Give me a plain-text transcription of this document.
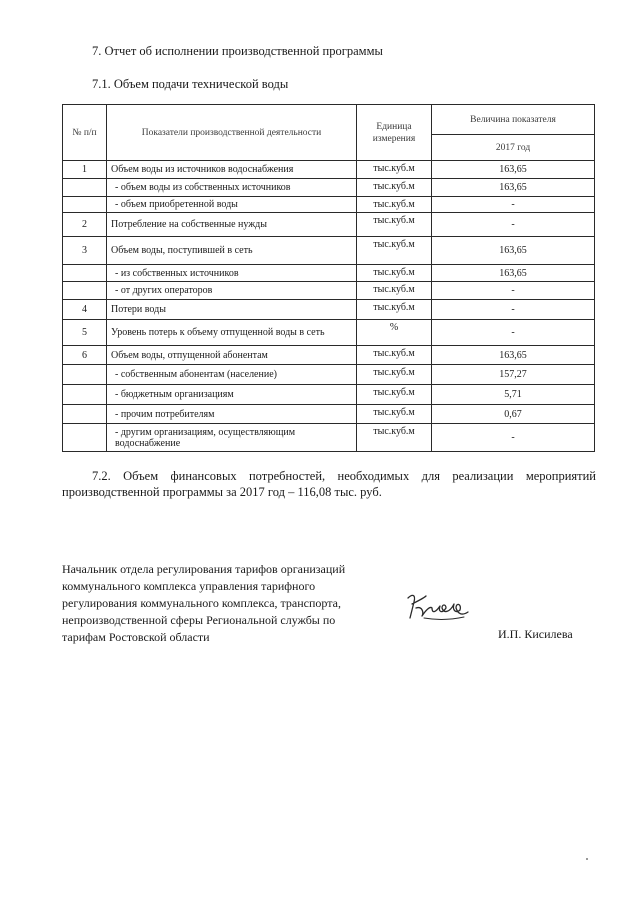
7. Отчет об исполнении производственной программы
7.1. Объем подачи технической воды
№ п/п	Показатели производственной деятельности	Единица измерения	Величина показателя
			2017 год
1	Объем воды из источников водоснабжения	тыс.куб.м	163,65
	- объем воды из собственных источников	тыс.куб.м	163,65
	- объем приобретенной воды	тыс.куб.м	-
2	Потребление на собственные нужды	тыс.куб.м	-
3	Объем воды, поступившей в сеть	тыс.куб.м	163,65
	- из собственных источников	тыс.куб.м	163,65
	- от других операторов	тыс.куб.м	-
4	Потери воды	тыс.куб.м	-
5	Уровень потерь к объему отпущенной воды в сеть	%	-
6	Объем воды, отпущенной абонентам	тыс.куб.м	163,65
	- собственным абонентам (население)	тыс.куб.м	157,27
	- бюджетным организациям	тыс.куб.м	5,71
	- прочим потребителям	тыс.куб.м	0,67
	- другим организациям, осуществляющим водоснабжение	тыс.куб.м	-
7.2. Объем финансовых потребностей, необходимых для реализации мероприятий производственной программы за 2017 год – 116,08 тыс. руб.
Начальник отдела регулирования тарифов организаций
коммунального комплекса управления тарифного
регулирования коммунального комплекса, транспорта,
непроизводственной сферы Региональной службы по
тарифам Ростовской области	И.П. Кисилева
